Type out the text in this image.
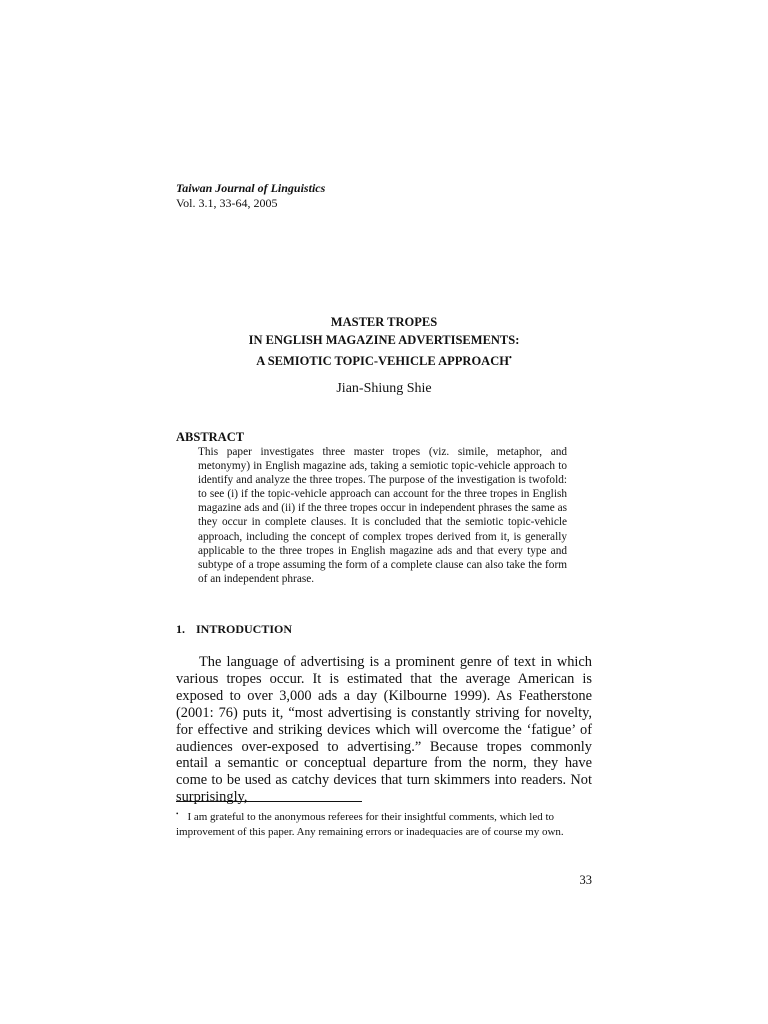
Taiwan Journal of Linguistics
Vol. 3.1, 33-64, 2005
MASTER TROPES
IN ENGLISH MAGAZINE ADVERTISEMENTS:
A SEMIOTIC TOPIC-VEHICLE APPROACH•
Jian-Shiung Shie
ABSTRACT
This paper investigates three master tropes (viz. simile, metaphor, and metonymy) in English magazine ads, taking a semiotic topic-vehicle approach to identify and analyze the three tropes. The purpose of the investigation is twofold: to see (i) if the topic-vehicle approach can account for the three tropes in English magazine ads and (ii) if the three tropes occur in independent phrases the same as they occur in complete clauses. It is concluded that the semiotic topic-vehicle approach, including the concept of complex tropes derived from it, is generally applicable to the three tropes in English magazine ads and that every type and subtype of a trope assuming the form of a complete clause can also take the form of an independent phrase.
1. INTRODUCTION

The language of advertising is a prominent genre of text in which various tropes occur. It is estimated that the average American is exposed to over 3,000 ads a day (Kilbourne 1999). As Featherstone (2001: 76) puts it, “most advertising is constantly striving for novelty, for effective and striking devices which will overcome the ‘fatigue’ of audiences over-exposed to advertising.” Because tropes commonly entail a semantic or conceptual departure from the norm, they have come to be used as catchy devices that turn skimmers into readers. Not surprisingly,

• I am grateful to the anonymous referees for their insightful comments, which led to improvement of this paper. Any remaining errors or inadequacies are of course my own.
33
